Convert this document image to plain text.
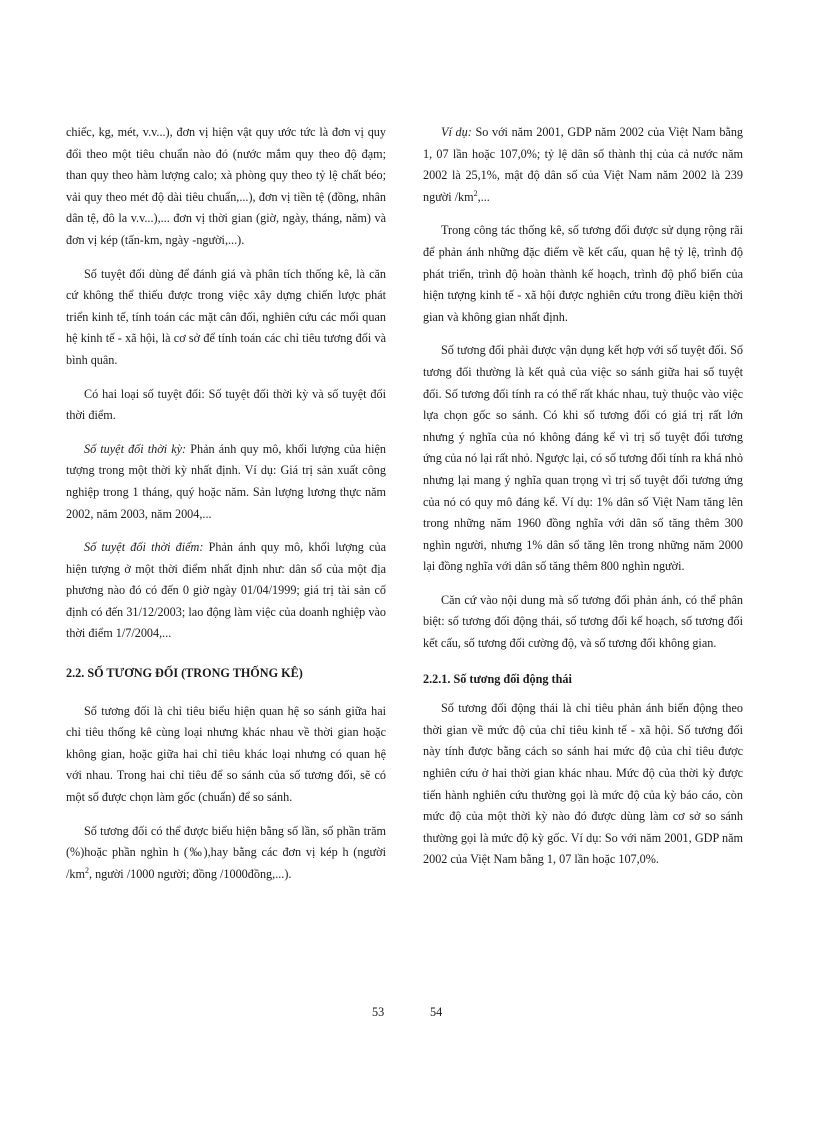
chiếc, kg, mét, v.v...), đơn vị hiện vật quy ước tức là đơn vị quy đổi theo một tiêu chuẩn nào đó (nước mắm quy theo độ đạm; than quy theo hàm lượng calo; xà phòng quy theo tỷ lệ chất béo; vải quy theo mét độ dài tiêu chuẩn,...), đơn vị tiền tệ (đồng, nhân dân tệ, đô la v.v...),... đơn vị thời gian (giờ, ngày, tháng, năm) và đơn vị kép (tấn-km, ngày -người,...).

Số tuyệt đối dùng để đánh giá và phân tích thống kê, là căn cứ không thể thiếu được trong việc xây dựng chiến lược phát triển kinh tế, tính toán các mặt cân đối, nghiên cứu các mối quan hệ kinh tế - xã hội, là cơ sở để tính toán các chỉ tiêu tương đối và bình quân.

Có hai loại số tuyệt đối: Số tuyệt đối thời kỳ và số tuyệt đối thời điểm.

Số tuyệt đối thời kỳ: Phản ánh quy mô, khối lượng của hiện tượng trong một thời kỳ nhất định. Ví dụ: Giá trị sản xuất công nghiệp trong 1 tháng, quý hoặc năm. Sản lượng lương thực năm 2002, năm 2003, năm 2004,...

Số tuyệt đối thời điểm: Phản ánh quy mô, khối lượng của hiện tượng ở một thời điểm nhất định như: dân số của một địa phương nào đó có đến 0 giờ ngày 01/04/1999; giá trị tài sản cố định có đến 31/12/2003; lao động làm việc của doanh nghiệp vào thời điểm 1/7/2004,...

2.2. SỐ TƯƠNG ĐỐI (TRONG THỐNG KÊ)

Số tương đối là chỉ tiêu biểu hiện quan hệ so sánh giữa hai chỉ tiêu thống kê cùng loại nhưng khác nhau về thời gian hoặc không gian, hoặc giữa hai chỉ tiêu khác loại nhưng có quan hệ với nhau. Trong hai chỉ tiêu để so sánh của số tương đối, sẽ có một số được chọn làm gốc (chuẩn) để so sánh.

Số tương đối có thể được biểu hiện bằng số lần, số phần trăm (%)hoặc phần nghìn h (‰),hay bằng các đơn vị kép h (người $/km^2$, người /1000 người; đồng /1000đồng,...).

Ví dụ: So với năm 2001, GDP năm 2002 của Việt Nam bằng 1, 07 lần hoặc 107,0%; tỷ lệ dân số thành thị của cả nước năm 2002 là 25,1%, mật độ dân số của Việt Nam năm 2002 là 239 người $/km^2$,...

Trong công tác thống kê, số tương đối được sử dụng rộng rãi để phản ánh những đặc điểm về kết cấu, quan hệ tỷ lệ, trình độ phát triển, trình độ hoàn thành kế hoạch, trình độ phổ biến của hiện tượng kinh tế - xã hội được nghiên cứu trong điều kiện thời gian và không gian nhất định.

Số tương đối phải được vận dụng kết hợp với số tuyệt đối. Số tương đối thường là kết quả của việc so sánh giữa hai số tuyệt đối. Số tương đối tính ra có thể rất khác nhau, tuỳ thuộc vào việc lựa chọn gốc so sánh. Có khi số tương đối có giá trị rất lớn nhưng ý nghĩa của nó không đáng kể vì trị số tuyệt đối tương ứng của nó lại rất nhỏ. Ngược lại, có số tương đối tính ra khá nhỏ nhưng lại mang ý nghĩa quan trọng vì trị số tuyệt đối tương ứng của nó có quy mô đáng kể. Ví dụ: 1% dân số Việt Nam tăng lên trong những năm 1960 đồng nghĩa với dân số tăng thêm 300 nghìn người, nhưng 1% dân số tăng lên trong những năm 2000 lại đồng nghĩa với dân số tăng thêm 800 nghìn người.

Căn cứ vào nội dung mà số tương đối phản ánh, có thể phân biệt: số tương đối động thái, số tương đối kế hoạch, số tương đối kết cấu, số tương đối cường độ, và số tương đối không gian.

2.2.1. Số tương đối động thái

Số tương đối động thái là chỉ tiêu phản ánh biến động theo thời gian về mức độ của chỉ tiêu kinh tế - xã hội. Số tương đối này tính được bằng cách so sánh hai mức độ của chỉ tiêu được nghiên cứu ở hai thời gian khác nhau. Mức độ của thời kỳ được tiến hành nghiên cứu thường gọi là mức độ của kỳ báo cáo, còn mức độ của một thời kỳ nào đó được dùng làm cơ sở so sánh thường gọi là mức độ kỳ gốc. Ví dụ: So với năm 2001, GDP năm 2002 của Việt Nam bằng 1, 07 lần hoặc 107,0%.

53	54
